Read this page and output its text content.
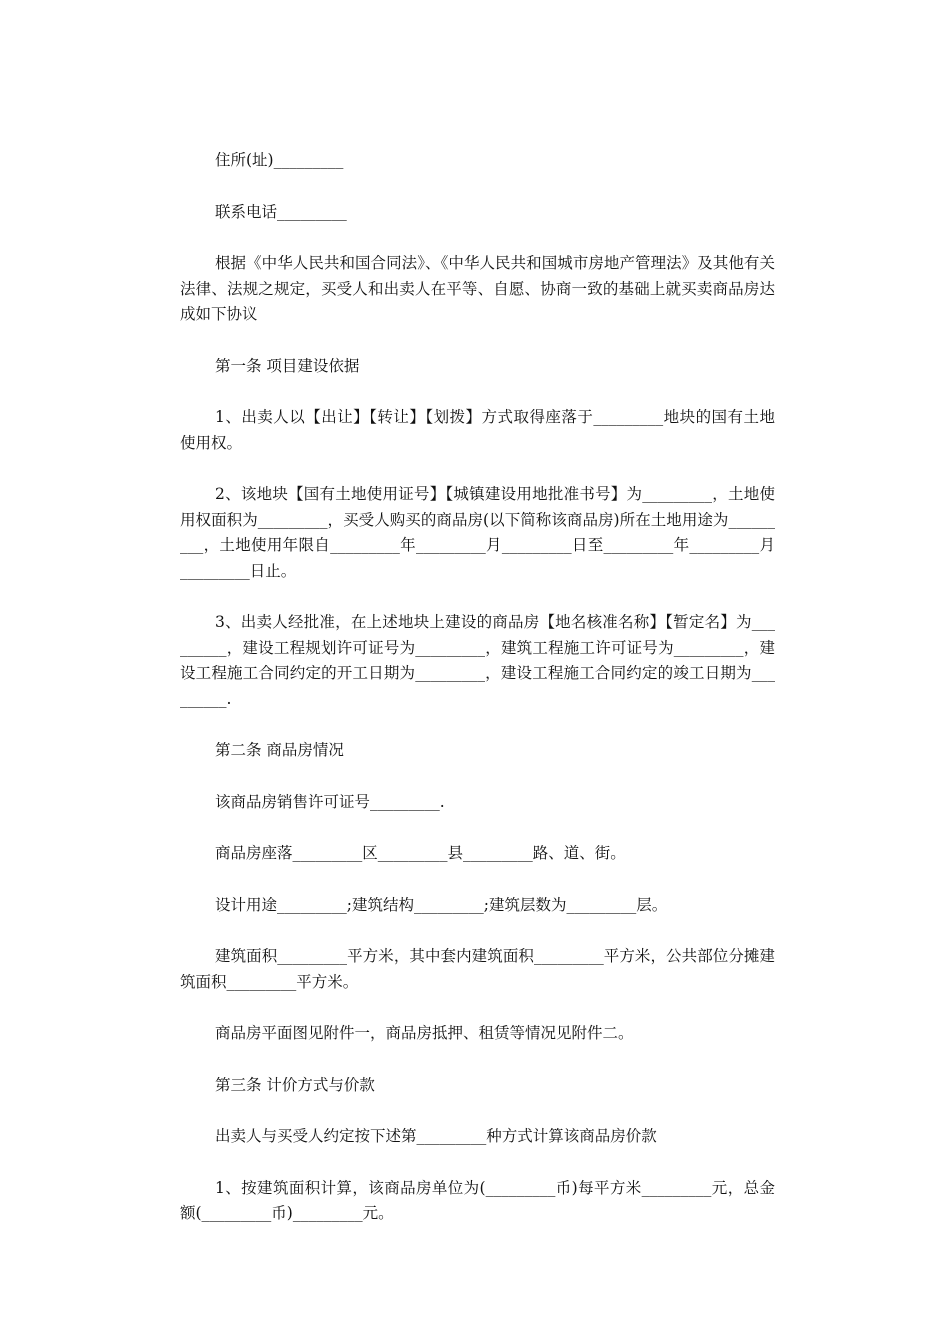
住所(址)_________

联系电话_________

根据《中华人民共和国合同法》、《中华人民共和国城市房地产管理法》及其他有关法律、法规之规定，买受人和出卖人在平等、自愿、协商一致的基础上就买卖商品房达成如下协议

第一条 项目建设依据

1、出卖人以【出让】【转让】【划拨】方式取得座落于_________地块的国有土地使用权。

2、该地块【国有土地使用证号】【城镇建设用地批准书号】为_________，土地使用权面积为_________，买受人购买的商品房(以下简称该商品房)所在土地用途为_________，土地使用年限自_________年_________月_________日至_________年_________月_________日止。

3、出卖人经批准，在上述地块上建设的商品房【地名核准名称】【暂定名】为_________，建设工程规划许可证号为_________，建筑工程施工许可证号为_________，建设工程施工合同约定的开工日期为_________，建设工程施工合同约定的竣工日期为_________.

第二条 商品房情况

该商品房销售许可证号_________.

商品房座落_________区_________县_________路、道、街。

设计用途_________;建筑结构_________;建筑层数为_________层。

建筑面积_________平方米，其中套内建筑面积_________平方米，公共部位分摊建筑面积_________平方米。

商品房平面图见附件一，商品房抵押、租赁等情况见附件二。

第三条 计价方式与价款

出卖人与买受人约定按下述第_________种方式计算该商品房价款

1、按建筑面积计算，该商品房单位为(_________币)每平方米_________元，总金额(_________币)_________元。
